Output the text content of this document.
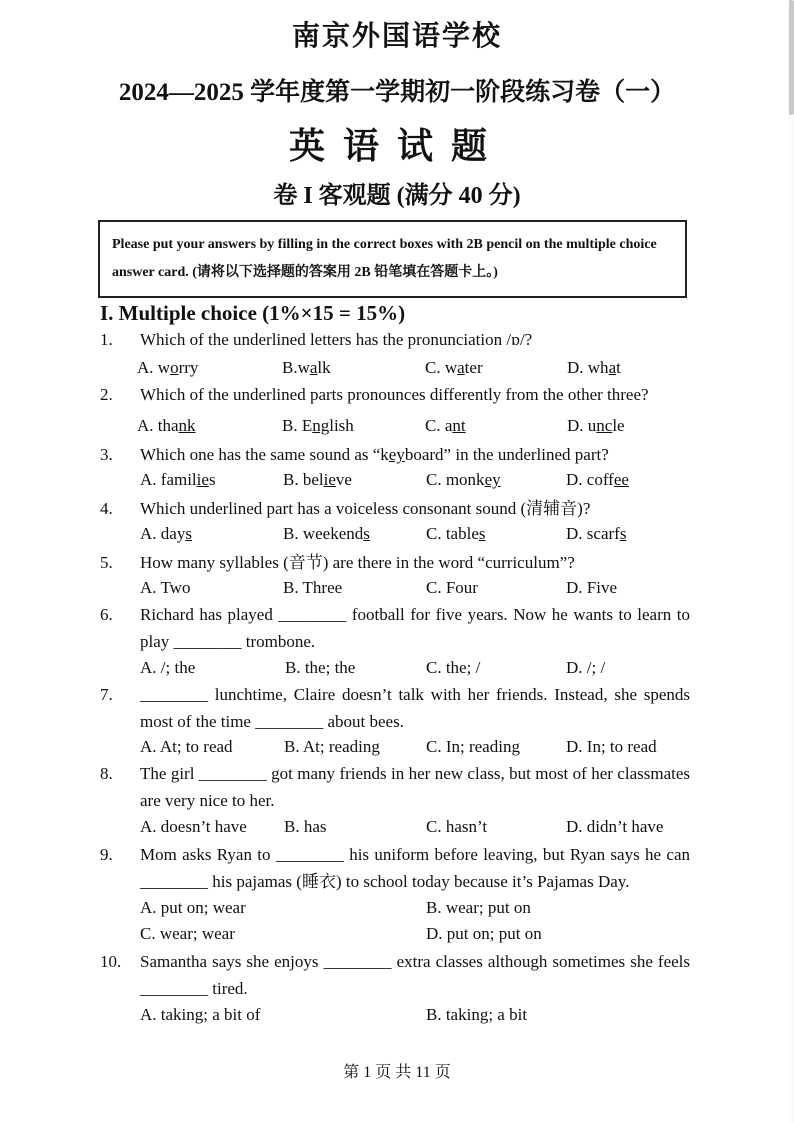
南京外国语学校
2024—2025 学年度第一学期初一阶段练习卷（一）
英语试题
卷 I 客观题 (满分 40 分)
Please put your answers by filling in the correct boxes with 2B pencil on the multiple choice answer card. (请将以下选择题的答案用 2B 铅笔填在答题卡上。)
I. Multiple choice (1%×15 = 15%)
1. Which of the underlined letters has the pronunciation /ɒ/?
A. worry	B.walk	C. water	D. what
2. Which of the underlined parts pronounces differently from the other three?
A. thank	B. English	C. ant	D. uncle
3. Which one has the same sound as “keyboard” in the underlined part?
A. families	B. believe	C. monkey	D. coffee
4. Which underlined part has a voiceless consonant sound (清辅音)?
A. days	B. weekends	C. tables	D. scarfs
5. How many syllables (音节) are there in the word “curriculum”?
A. Two	B. Three	C. Four	D. Five
6. Richard has played ________ football for five years. Now he wants to learn to play ________ trombone.
A. /; the	B. the; the	C. the; /	D. /; /
7. ________ lunchtime, Claire doesn’t talk with her friends. Instead, she spends most of the time ________ about bees.
A. At; to read	B. At; reading	C. In; reading	D. In; to read
8. The girl ________ got many friends in her new class, but most of her classmates are very nice to her.
A. doesn’t have B. has	C. hasn’t	D. didn’t have
9. Mom asks Ryan to ________ his uniform before leaving, but Ryan says he can ________ his pajamas (睡衣) to school today because it’s Pajamas Day.
A. put on; wear	B. wear; put on
C. wear; wear	D. put on; put on
10. Samantha says she enjoys ________ extra classes although sometimes she feels ________ tired.
A. taking; a bit of	B. taking; a bit
第 1 页 共 11 页
